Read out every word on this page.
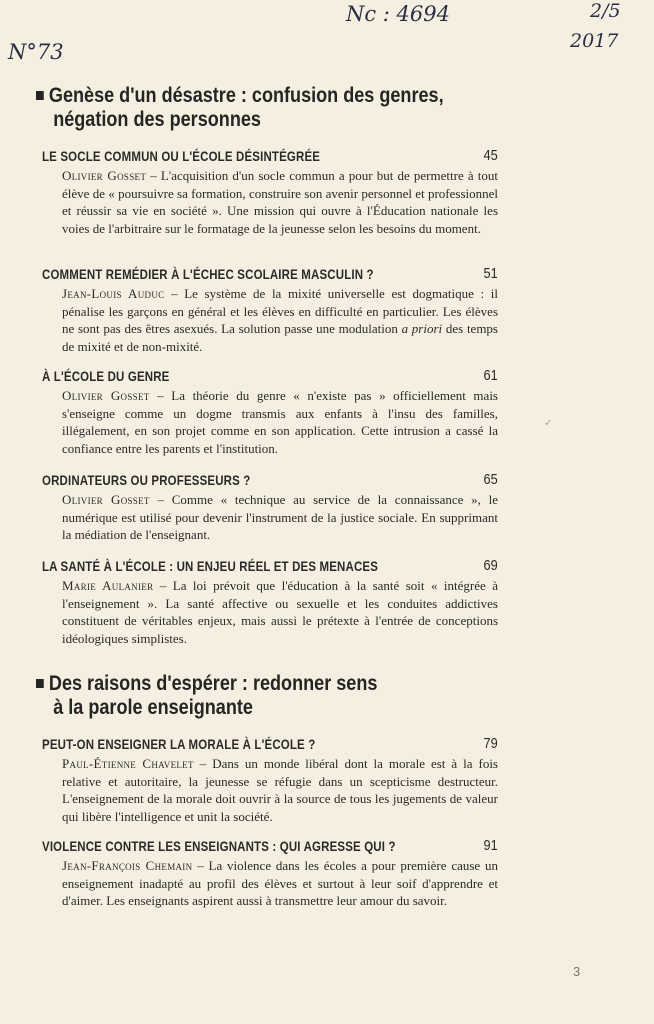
N°73
Nc : 4694	2/5
2017
Genèse d'un désastre : confusion des genres,
négation des personnes
LE SOCLE COMMUN OU L'ÉCOLE DÉSINTÉGRÉE	45
Olivier Gosset – L'acquisition d'un socle commun a pour but de permettre à tout élève de « poursuivre sa formation, construire son avenir personnel et professionnel et réussir sa vie en société ». Une mission qui ouvre à l'Éducation nationale les voies de l'arbitraire sur le formatage de la jeunesse selon les besoins du moment.
COMMENT REMÉDIER À L'ÉCHEC SCOLAIRE MASCULIN ?	51
Jean-Louis Auduc – Le système de la mixité universelle est dogmatique : il pénalise les garçons en général et les élèves en difficulté en particulier. Les élèves ne sont pas des êtres asexués. La solution passe une modulation a priori des temps de mixité et de non-mixité.
À L'ÉCOLE DU GENRE	61
Olivier Gosset – La théorie du genre « n'existe pas » officiellement mais s'enseigne comme un dogme transmis aux enfants à l'insu des familles, illégalement, en son projet comme en son application. Cette intrusion a cassé la confiance entre les parents et l'institution.
ORDINATEURS OU PROFESSEURS ?	65
Olivier Gosset – Comme « technique au service de la connaissance », le numérique est utilisé pour devenir l'instrument de la justice sociale. En supprimant la médiation de l'enseignant.
LA SANTÉ À L'ÉCOLE : UN ENJEU RÉEL ET DES MENACES	69
Marie Aulanier – La loi prévoit que l'éducation à la santé soit « intégrée à l'enseignement ». La santé affective ou sexuelle et les conduites addictives constituent de véritables enjeux, mais aussi le prétexte à l'entrée de conceptions idéologiques simplistes.
✓
Des raisons d'espérer : redonner sens
à la parole enseignante
PEUT-ON ENSEIGNER LA MORALE À L'ÉCOLE ?	79
Paul-Étienne Chavelet – Dans un monde libéral dont la morale est à la fois relative et autoritaire, la jeunesse se réfugie dans un scepticisme destructeur. L'enseignement de la morale doit ouvrir à la source de tous les jugements de valeur qui libère l'intelligence et unit la société.
VIOLENCE CONTRE LES ENSEIGNANTS : QUI AGRESSE QUI ?	91
Jean-François Chemain – La violence dans les écoles a pour première cause un enseignement inadapté au profil des élèves et surtout à leur soif d'apprendre et d'aimer. Les enseignants aspirent aussi à transmettre leur amour du savoir.
3
